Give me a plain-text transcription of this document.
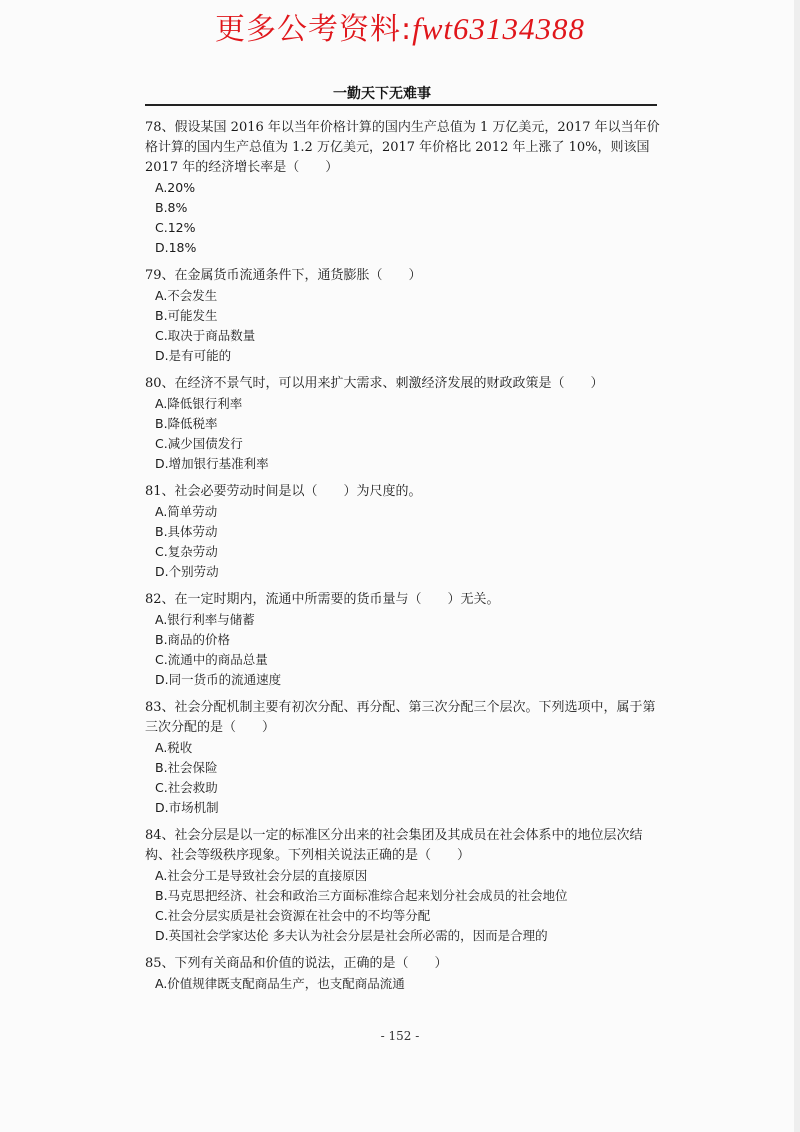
更多公考资料:fwt63134388
一勤天下无难事
78、假设某国 2016 年以当年价格计算的国内生产总值为 1 万亿美元，2017 年以当年价格计算的国内生产总值为 1.2 万亿美元，2017 年价格比 2012 年上涨了 10%，则该国 2017 年的经济增长率是（　　）
A.20%
B.8%
C.12%
D.18%
79、在金属货币流通条件下，通货膨胀（　　）
A.不会发生
B.可能发生
C.取决于商品数量
D.是有可能的
80、在经济不景气时，可以用来扩大需求、刺激经济发展的财政政策是（　　）
A.降低银行利率
B.降低税率
C.减少国债发行
D.增加银行基准利率
81、社会必要劳动时间是以（　　）为尺度的。
A.简单劳动
B.具体劳动
C.复杂劳动
D.个别劳动
82、在一定时期内，流通中所需要的货币量与（　　）无关。
A.银行利率与储蓄
B.商品的价格
C.流通中的商品总量
D.同一货币的流通速度
83、社会分配机制主要有初次分配、再分配、第三次分配三个层次。下列选项中，属于第三次分配的是（　　）
A.税收
B.社会保险
C.社会救助
D.市场机制
84、社会分层是以一定的标准区分出来的社会集团及其成员在社会体系中的地位层次结构、社会等级秩序现象。下列相关说法正确的是（　　）
A.社会分工是导致社会分层的直接原因
B.马克思把经济、社会和政治三方面标准综合起来划分社会成员的社会地位
C.社会分层实质是社会资源在社会中的不均等分配
D.英国社会学家达伦 多夫认为社会分层是社会所必需的，因而是合理的
85、下列有关商品和价值的说法，正确的是（　　）
A.价值规律既支配商品生产，也支配商品流通
- 152 -
